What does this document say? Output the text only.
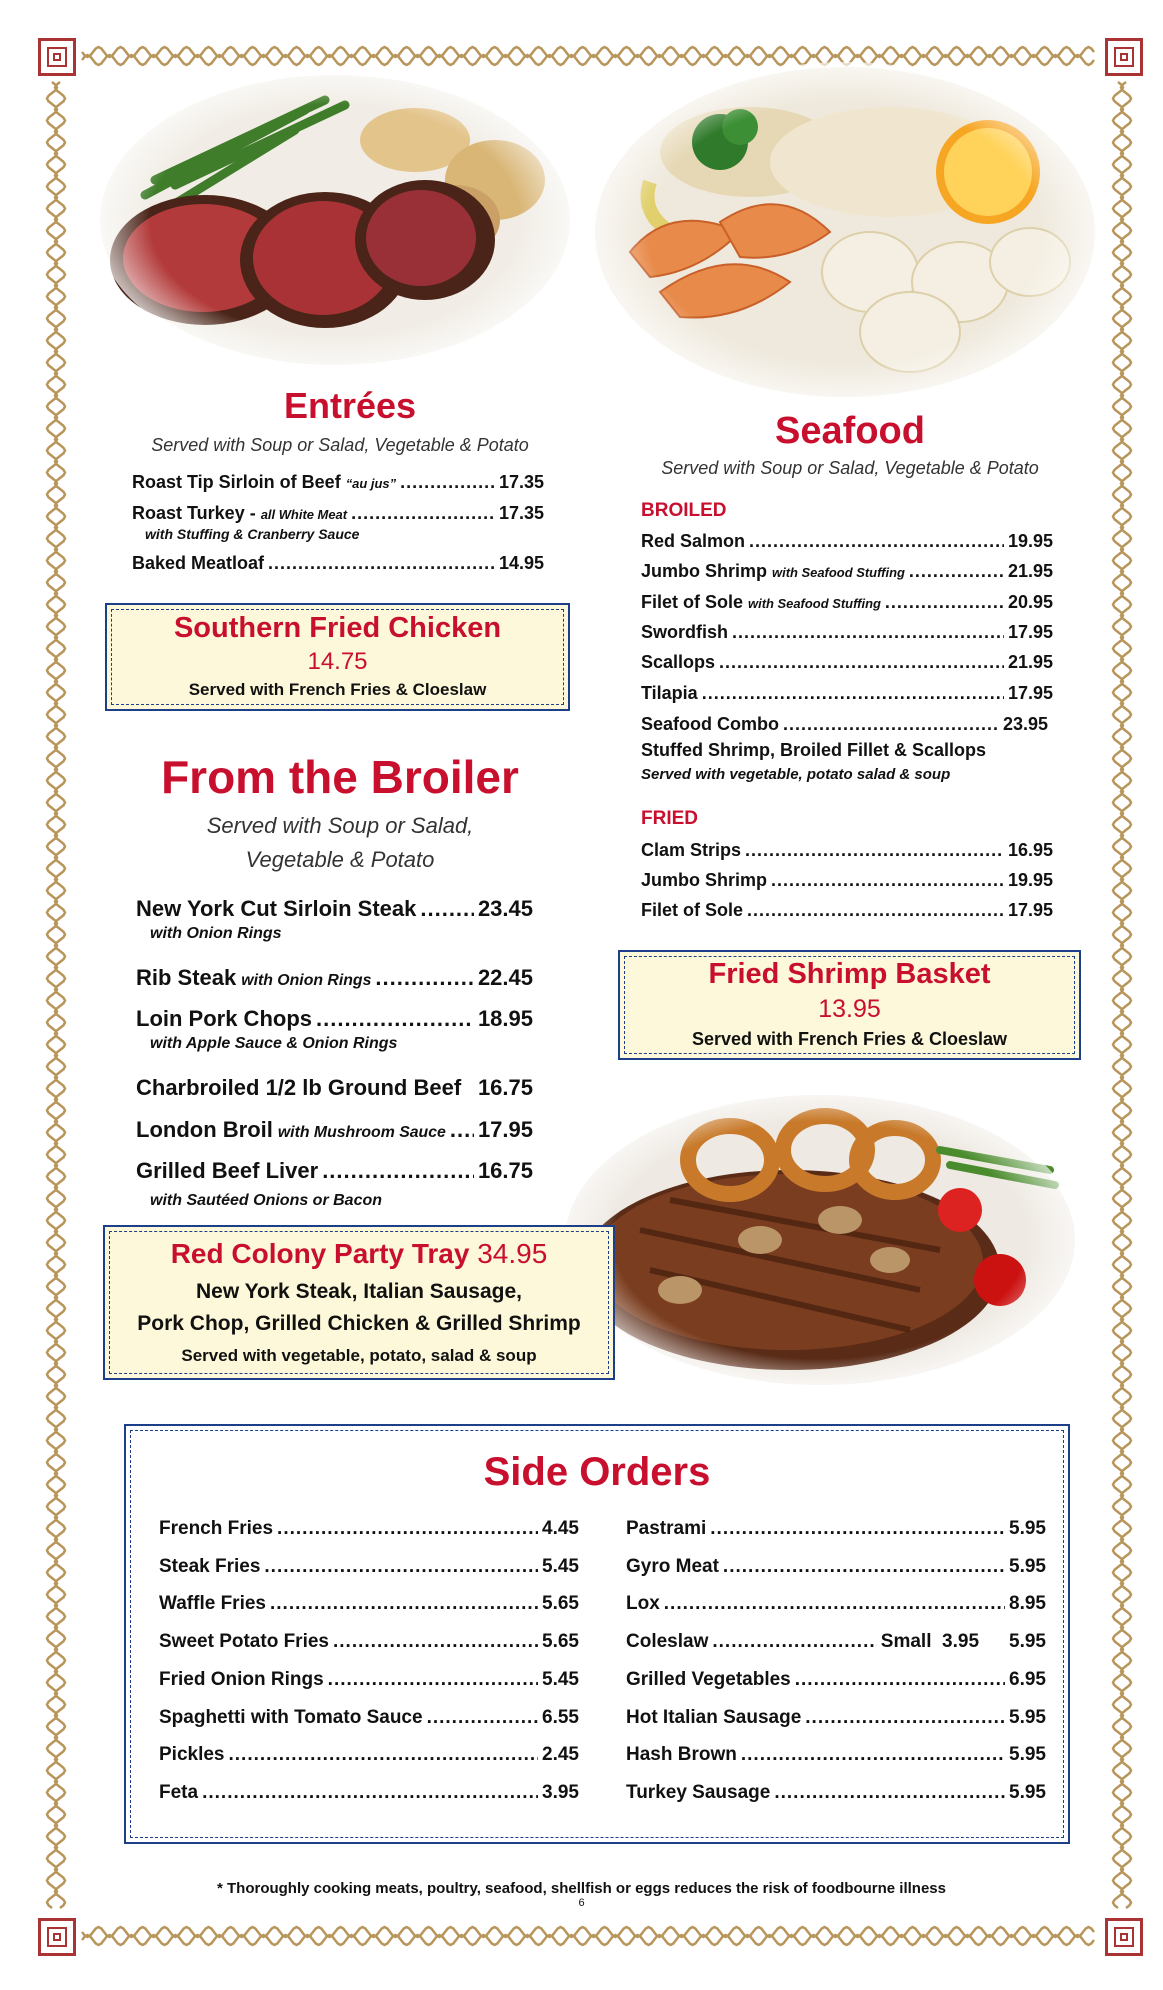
Entrées
Served with Soup or Salad, Vegetable & Potato
Roast Tip Sirloin of Beef “au jus” .....	17.35
Roast Turkey - all White Meat .....	17.35
with Stuffing & Cranberry Sauce
Baked Meatloaf .....	14.95
Southern Fried Chicken
14.75
Served with French Fries & Cloeslaw
From the Broiler
Served with Soup or Salad,
Vegetable & Potato
New York Cut Sirloin Steak .....	23.45
with Onion Rings
Rib Steak with Onion Rings .....	22.45
Loin Pork Chops .....	18.95
with Apple Sauce & Onion Rings
Charbroiled 1/2 lb Ground Beef 16.75
London Broil with Mushroom Sauce ..... 17.95
Grilled Beef Liver .....	16.75
with Sautéed Onions or Bacon
Red Colony Party Tray 34.95
New York Steak, Italian Sausage,
Pork Chop, Grilled Chicken & Grilled Shrimp
Served with vegetable, potato, salad & soup
Seafood
Served with Soup or Salad, Vegetable & Potato
BROILED
Red Salmon .....	19.95
Jumbo Shrimp with Seafood Stuffing .....	21.95
Filet of Sole with Seafood Stuffing .....	20.95
Swordfish .....	17.95
Scallops .....	21.95
Tilapia .....	17.95
Seafood Combo .....	23.95
Stuffed Shrimp, Broiled Fillet & Scallops
Served with vegetable, potato salad & soup
FRIED
Clam Strips .....	16.95
Jumbo Shrimp .....	19.95
Filet of Sole .....	17.95
Fried Shrimp Basket
13.95
Served with French Fries & Cloeslaw
Side Orders
French Fries .....	4.45
Steak Fries .....	5.45
Waffle Fries .....	5.65
Sweet Potato Fries .....	5.65
Fried Onion Rings .....	5.45
Spaghetti with Tomato Sauce .....	6.55
Pickles .....	2.45
Feta .....	3.95
Pastrami .....	5.95
Gyro Meat .....	5.95
Lox .....	8.95
Coleslaw .....	Small  3.95 5.95
Grilled Vegetables .....	6.95
Hot Italian Sausage .....	5.95
Hash Brown .....	5.95
Turkey Sausage .....	5.95
* Thoroughly cooking meats, poultry, seafood, shellfish or eggs reduces the risk of foodbourne illness
6
